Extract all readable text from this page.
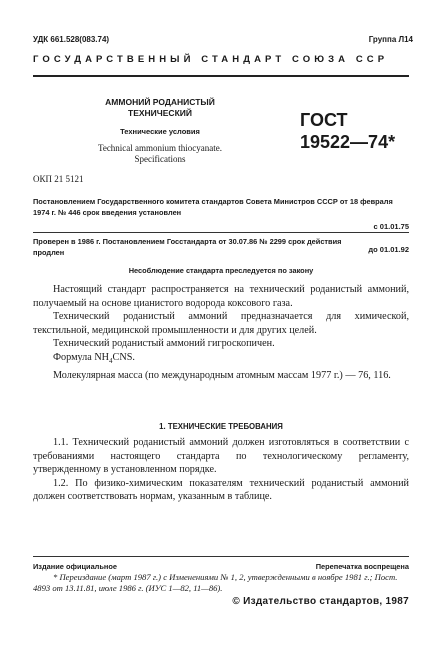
УДК 661.528(083.74)	Группа Л14
ГОСУДАРСТВЕННЫЙ СТАНДАРТ СОЮЗА ССР
АММОНИЙ РОДАНИСТЫЙ
ТЕХНИЧЕСКИЙ
Технические условия
Technical ammonium thiocyanate.
Specifications
ГОСТ
19522—74*
ОКП 21 5121
Постановлением Государственного комитета стандартов Совета Министров СССР от 18 февраля 1974 г. № 446 срок введения установлен
с 01.01.75
Проверен в 1986 г. Постановлением Госстандарта от 30.07.86 № 2299 срок действия продлен	до 01.01.92
Несоблюдение стандарта преследуется по закону

Настоящий стандарт распространяется на технический роданистый аммоний, получаемый на основе цианистого водорода коксового газа.

Технический роданистый аммоний предназначается для химической, текстильной, медицинской промышленности и для других целей.

Технический роданистый аммоний гигроскопичен.

Формула $NH_4CNS$.

Молекулярная масса (по международным атомным массам 1977 г.) — 76, 116.

1. ТЕХНИЧЕСКИЕ ТРЕБОВАНИЯ

1.1. Технический роданистый аммоний должен изготовляться в соответствии с требованиями настоящего стандарта по технологическому регламенту, утвержденному в установленном порядке.

1.2. По физико-химическим показателям технический роданистый аммоний должен соответствовать нормам, указанным в таблице.

Издание официальное	Перепечатка воспрещена
* Переиздание (март 1987 г.) с Изменениями № 1, 2, утвержденными в ноябре 1981 г.; Пост. 4893 от 13.11.81, июле 1986 г. (ИУС 1—82, 11—86).
© Издательство стандартов, 1987
